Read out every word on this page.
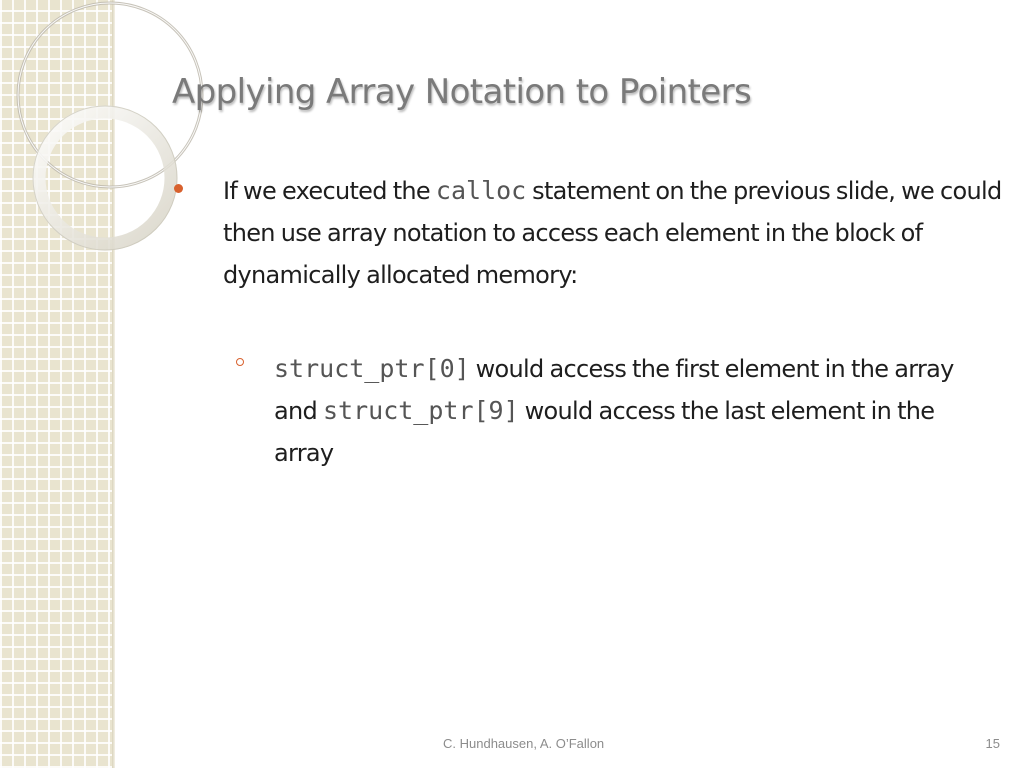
Applying Array Notation to Pointers
If we executed the calloc statement on the previous slide, we could then use array notation to access each element in the block of dynamically allocated memory:
struct_ptr[0] would access the first element in the array and struct_ptr[9] would access the last element in the array
C. Hundhausen, A. O’Fallon	15
